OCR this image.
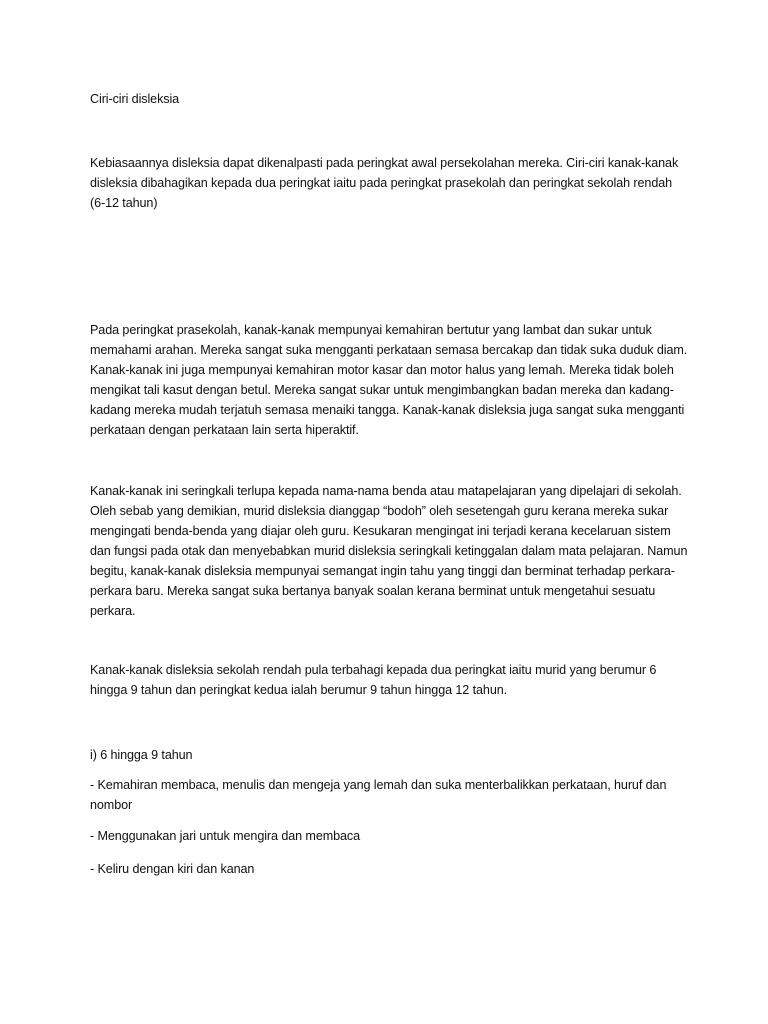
Ciri-ciri disleksia

Kebiasaannya disleksia dapat dikenalpasti pada peringkat awal persekolahan mereka. Ciri-ciri kanak-kanak disleksia dibahagikan kepada dua peringkat iaitu pada peringkat prasekolah dan peringkat sekolah rendah (6-12 tahun)

Pada peringkat prasekolah, kanak-kanak mempunyai kemahiran bertutur yang lambat dan sukar untuk memahami arahan. Mereka sangat suka mengganti perkataan semasa bercakap dan tidak suka duduk diam. Kanak-kanak ini juga mempunyai kemahiran motor kasar dan motor halus yang lemah. Mereka tidak boleh mengikat tali kasut dengan betul. Mereka sangat sukar untuk mengimbangkan badan mereka dan kadang-kadang mereka mudah terjatuh semasa menaiki tangga. Kanak-kanak disleksia juga sangat suka mengganti perkataan dengan perkataan lain serta hiperaktif.

Kanak-kanak ini seringkali terlupa kepada nama-nama benda atau matapelajaran yang dipelajari di sekolah. Oleh sebab yang demikian, murid disleksia dianggap “bodoh” oleh sesetengah guru kerana mereka sukar mengingati benda-benda yang diajar oleh guru. Kesukaran mengingat ini terjadi kerana kecelaruan sistem dan fungsi pada otak dan menyebabkan murid disleksia seringkali ketinggalan dalam mata pelajaran. Namun begitu, kanak-kanak disleksia mempunyai semangat ingin tahu yang tinggi dan berminat terhadap perkara-perkara baru. Mereka sangat suka bertanya banyak soalan kerana berminat untuk mengetahui sesuatu perkara.

Kanak-kanak disleksia sekolah rendah pula terbahagi kepada dua peringkat iaitu murid yang berumur 6 hingga 9 tahun dan peringkat kedua ialah berumur 9 tahun hingga 12 tahun.

i) 6 hingga 9 tahun

- Kemahiran membaca, menulis dan mengeja yang lemah dan suka menterbalikkan perkataan, huruf dan nombor

- Menggunakan jari untuk mengira dan membaca

- Keliru dengan kiri dan kanan
